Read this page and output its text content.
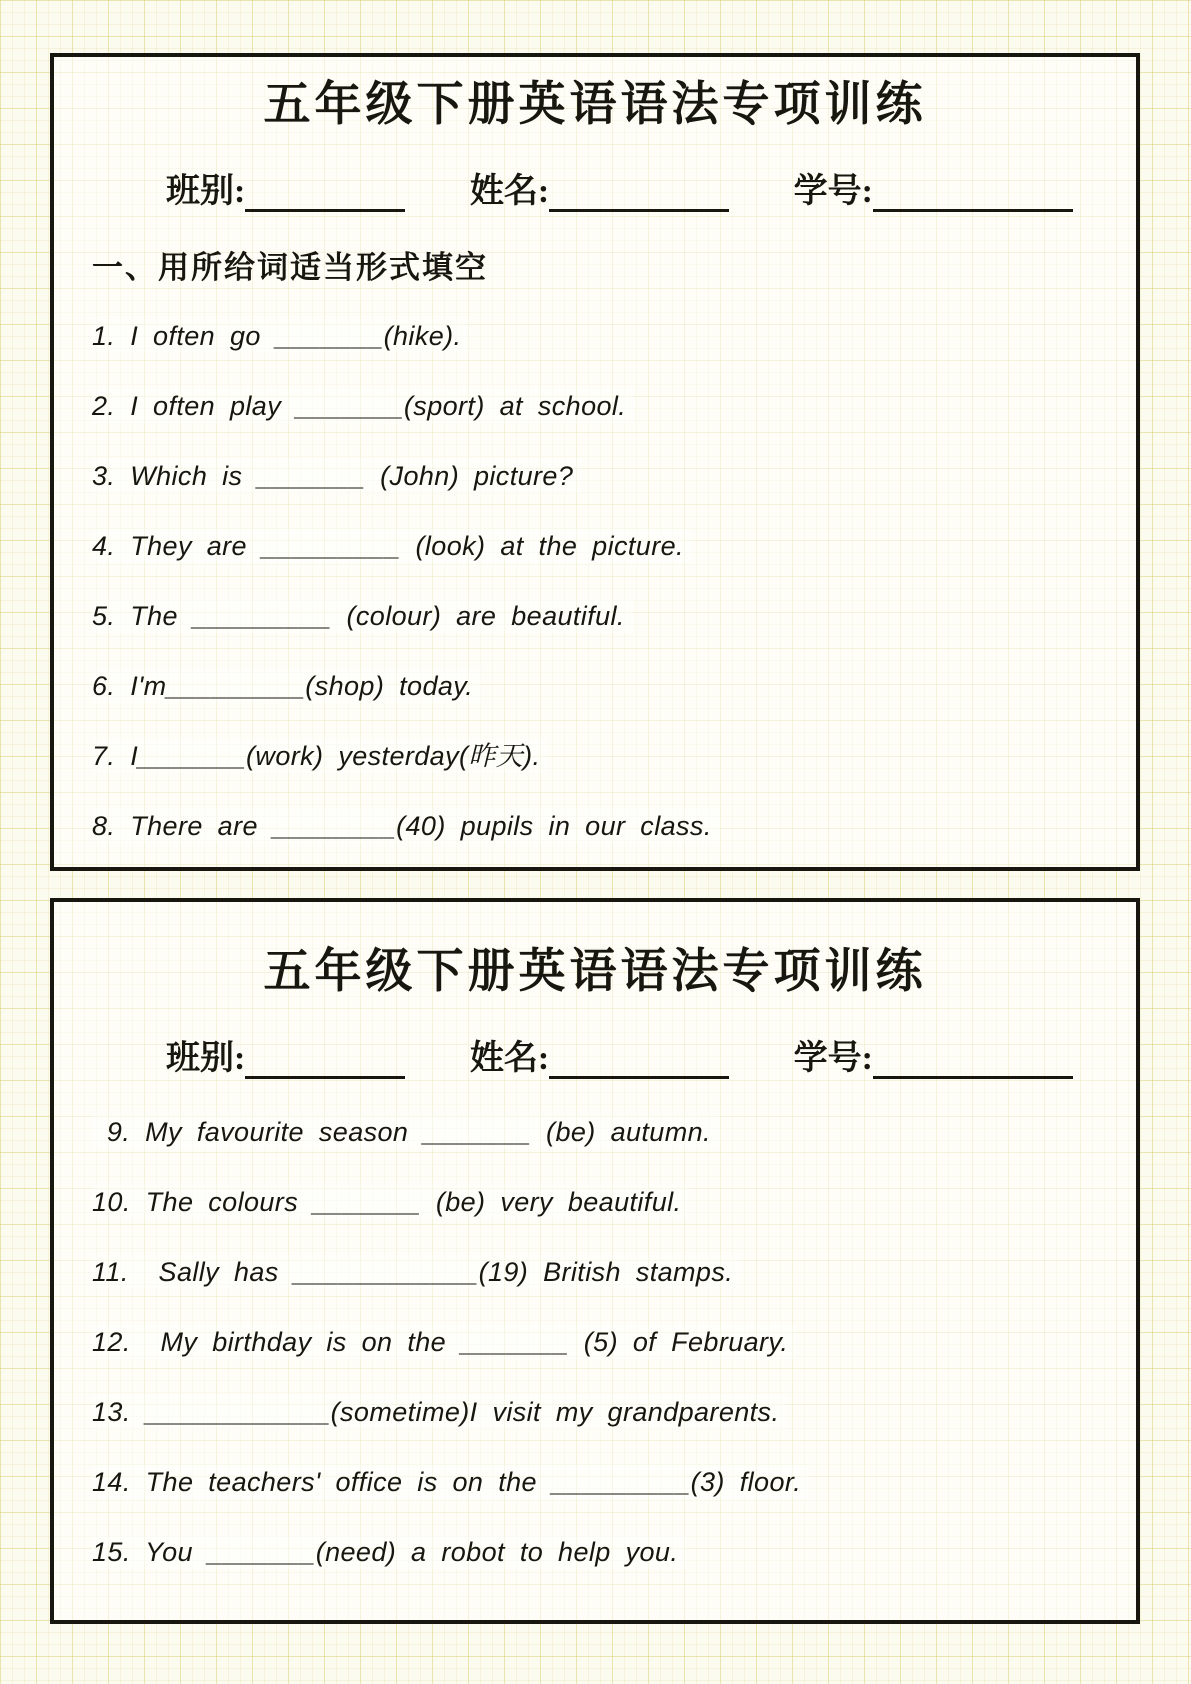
五年级下册英语语法专项训练
班别:	姓名:	学号:
一、用所给词适当形式填空
1. I often go _______(hike).
2. I often play _______(sport) at school.
3. Which is _______ (John) picture?
4. They are _________ (look) at the picture.
5. The _________ (colour) are beautiful.
6. I'm_________(shop) today.
7. I_______(work) yesterday(昨天).
8. There are ________(40) pupils in our class.
五年级下册英语语法专项训练
班别:	姓名:	学号:
9. My favourite season _______ (be) autumn.
10. The colours _______ (be) very beautiful.
11.  Sally has ____________(19) British stamps.
12.  My birthday is on the _______ (5) of February.
13. ____________(sometime)I visit my grandparents.
14. The teachers' office is on the _________(3) floor.
15. You _______(need) a robot to help you.
